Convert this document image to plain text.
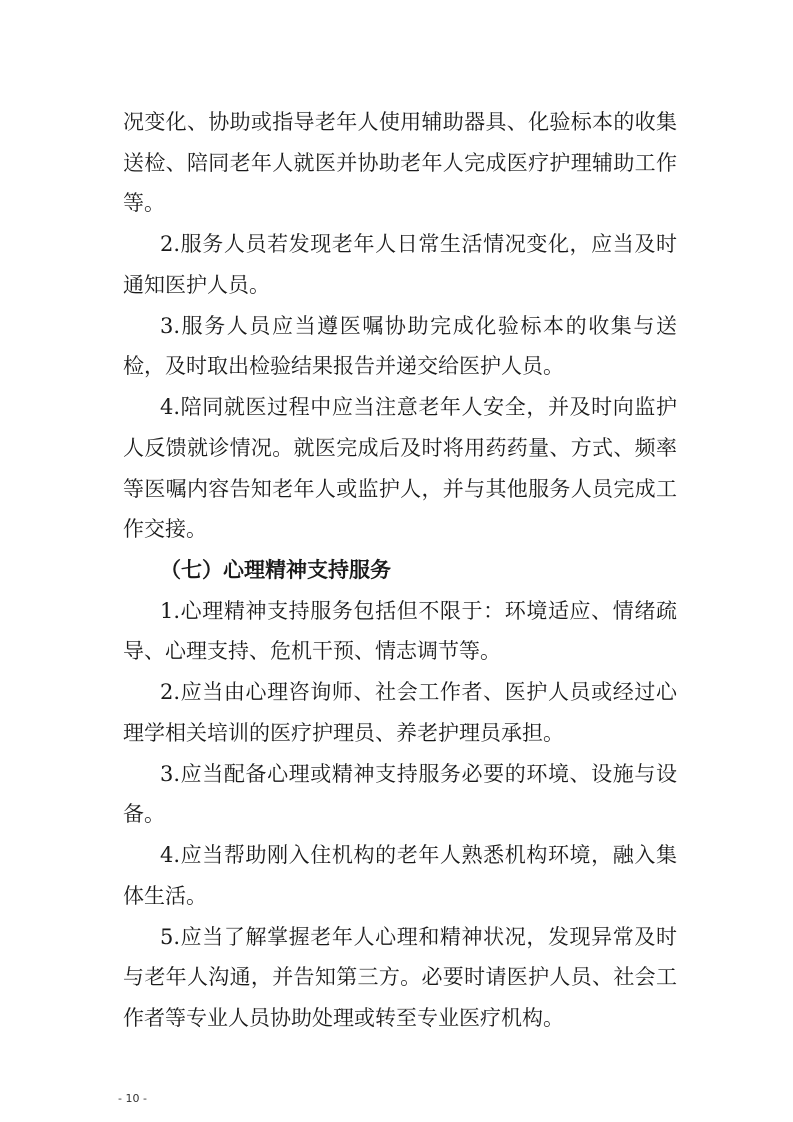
况变化、协助或指导老年人使用辅助器具、化验标本的收集

送检、陪同老年人就医并协助老年人完成医疗护理辅助工作

等。

2.服务人员若发现老年人日常生活情况变化，应当及时

通知医护人员。

3.服务人员应当遵医嘱协助完成化验标本的收集与送

检，及时取出检验结果报告并递交给医护人员。

4.陪同就医过程中应当注意老年人安全，并及时向监护

人反馈就诊情况。就医完成后及时将用药药量、方式、频率

等医嘱内容告知老年人或监护人，并与其他服务人员完成工

作交接。

（七）心理精神支持服务

1.心理精神支持服务包括但不限于：环境适应、情绪疏

导、心理支持、危机干预、情志调节等。

2.应当由心理咨询师、社会工作者、医护人员或经过心

理学相关培训的医疗护理员、养老护理员承担。

3.应当配备心理或精神支持服务必要的环境、设施与设

备。

4.应当帮助刚入住机构的老年人熟悉机构环境，融入集

体生活。

5.应当了解掌握老年人心理和精神状况，发现异常及时

与老年人沟通，并告知第三方。必要时请医护人员、社会工

作者等专业人员协助处理或转至专业医疗机构。

- 10 -
